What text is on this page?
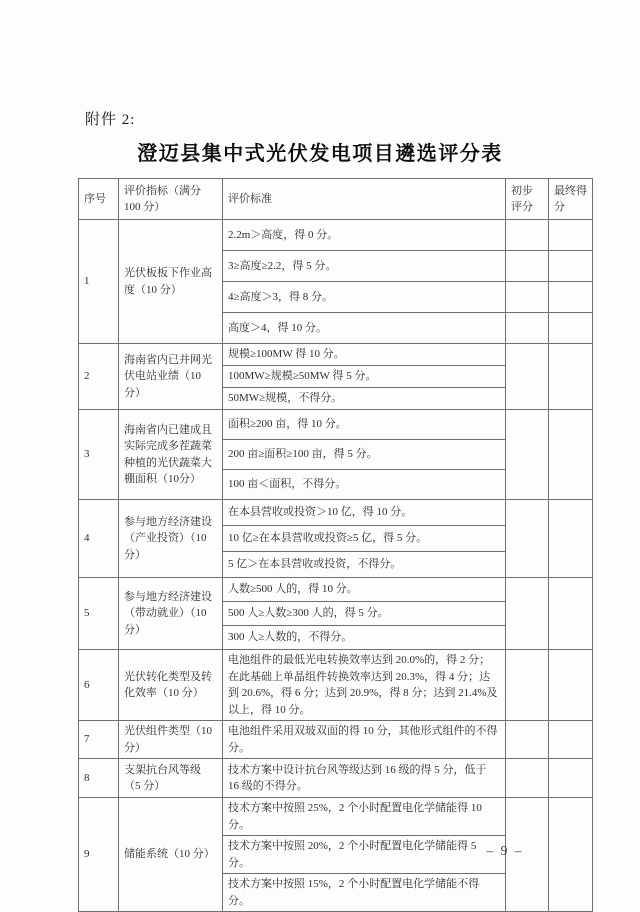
附件 2:
澄迈县集中式光伏发电项目遴选评分表
序号	评价指标（满分 100 分）	评价标准	初步评分	最终得分
1	光伏板板下作业高度（10 分）	2.2m＞高度，得 0 分。		
		3≥高度≥2.2，得 5 分。		
		4≥高度＞3，得 8 分。		
		高度＞4，得 10 分。		
2	海南省内已并网光伏电站业绩（10分）	规模≥100MW 得 10 分。		
		100MW≥规模≥50MW 得 5 分。		
		50MW≥规模，不得分。		
3	海南省内已建成且实际完成多茬蔬菜种植的光伏蔬菜大棚面积（10分）	面积≥200 亩，得 10 分。		
		200 亩≥面积≥100 亩，得 5 分。		
		100 亩＜面积，不得分。		
4	参与地方经济建设（产业投资）（10分）	在本县营收或投资＞10 亿，得 10 分。		
		10 亿≥在本县营收或投资≥5 亿，得 5 分。		
		5 亿＞在本县营收或投资，不得分。		
5	参与地方经济建设（带动就业）（10分）	人数≥500 人的，得 10 分。		
		500 人≥人数≥300 人的，得 5 分。		
		300 人≥人数的，不得分。		
6	光伏转化类型及转化效率（10 分）	电池组件的最低光电转换效率达到 20.0%的，得 2 分；在此基础上单晶组件转换效率达到 20.3%，得 4 分；达到 20.6%，得 6 分；达到 20.9%，得 8 分；达到 21.4%及以上，得 10 分。		
7	光伏组件类型（10分）	电池组件采用双玻双面的得 10 分，其他形式组件的不得分。		
8	支架抗台风等级（5 分）	技术方案中设计抗台风等级达到 16 级的得 5 分，低于 16 级的不得分。		
9	储能系统（10 分）	技术方案中按照 25%，2 个小时配置电化学储能得 10 分。		
		技术方案中按照 20%，2 个小时配置电化学储能得 5 分。		
		技术方案中按照 15%，2 个小时配置电化学储能不得分。		
– 9 –
